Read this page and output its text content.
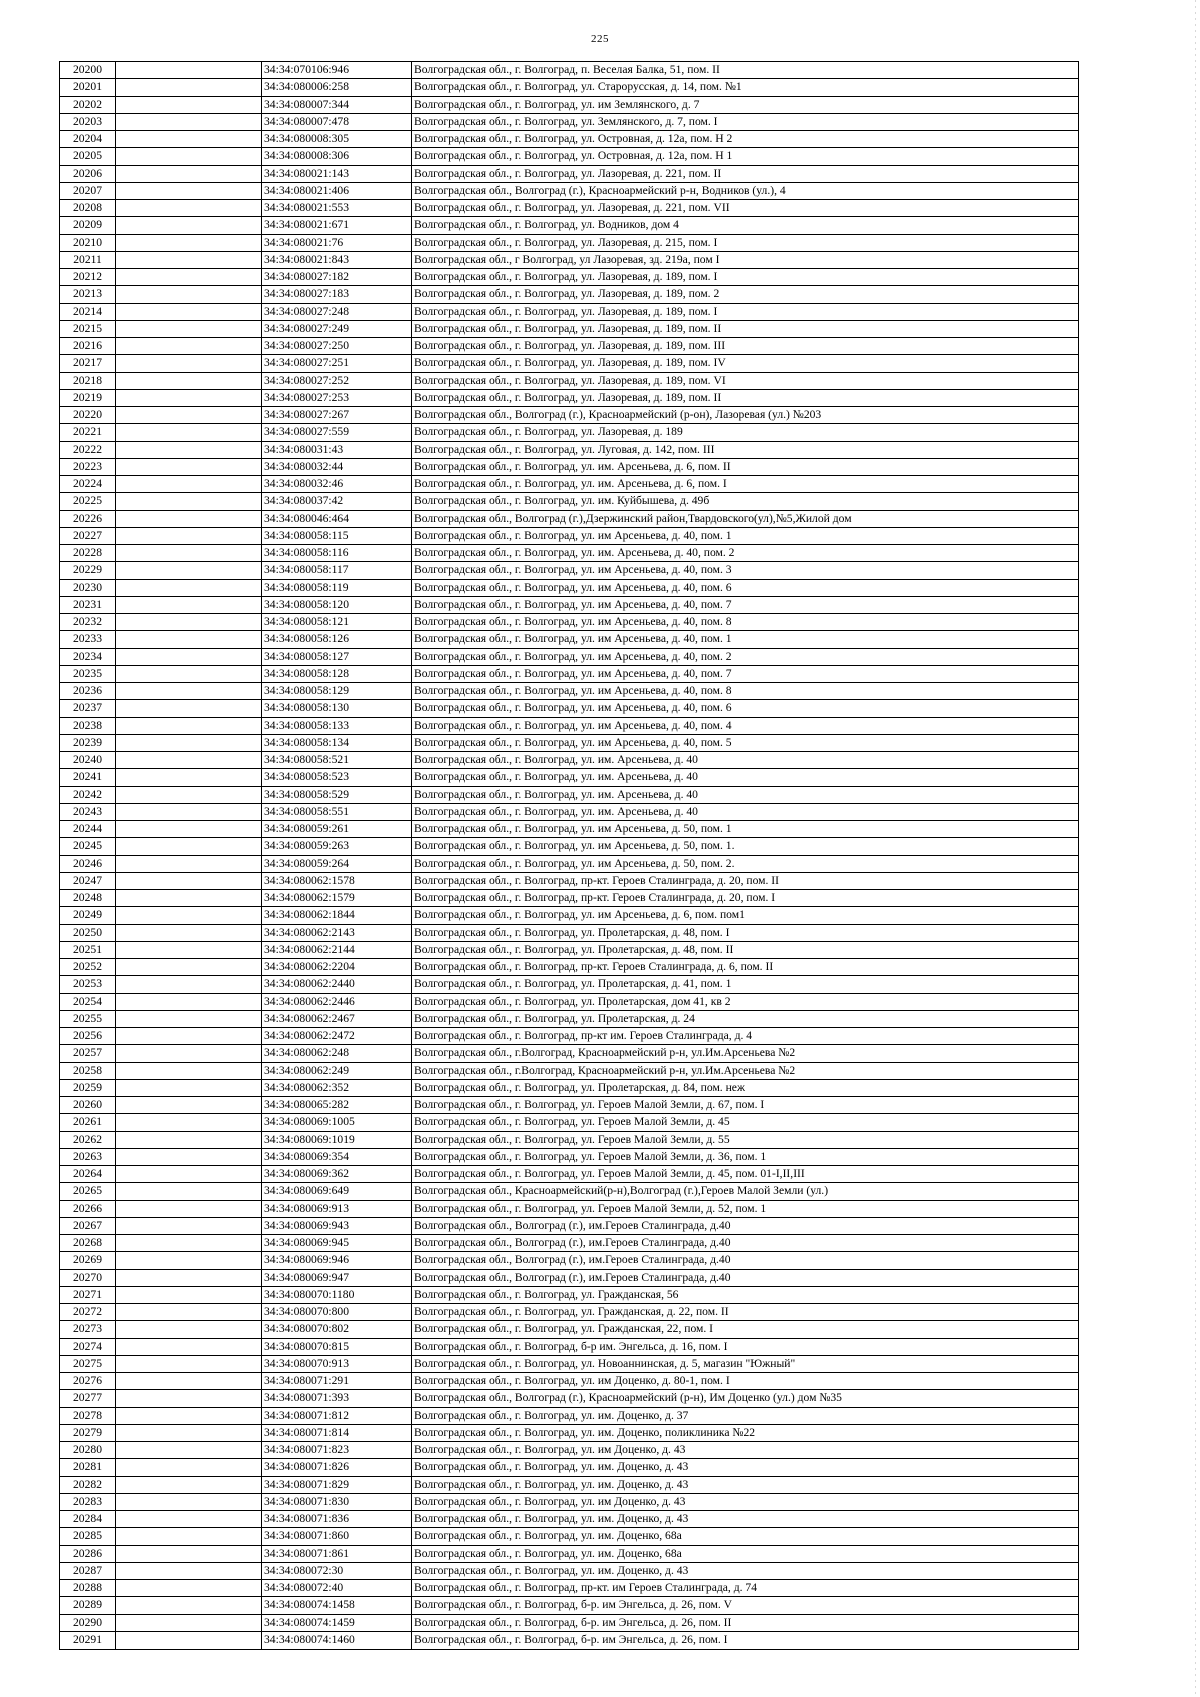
225
20200	34:34:070106:946	Волгоградская обл., г. Волгоград, п. Веселая Балка, 51, пом. II
20201	34:34:080006:258	Волгоградская обл., г. Волгоград, ул. Старорусская, д. 14, пом. №1
20202	34:34:080007:344	Волгоградская обл., г. Волгоград, ул. им Землянского, д. 7
20203	34:34:080007:478	Волгоградская обл., г. Волгоград, ул. Землянского, д. 7, пом. I
20204	34:34:080008:305	Волгоградская обл., г. Волгоград, ул. Островная, д. 12а, пом. Н 2
20205	34:34:080008:306	Волгоградская обл., г. Волгоград, ул. Островная, д. 12а, пом. Н 1
20206	34:34:080021:143	Волгоградская обл., г. Волгоград, ул. Лазоревая, д. 221, пом. II
20207	34:34:080021:406	Волгоградская обл., Волгоград (г.), Красноармейский р-н, Водников (ул.), 4
20208	34:34:080021:553	Волгоградская обл., г. Волгоград, ул. Лазоревая, д. 221, пом. VII
20209	34:34:080021:671	Волгоградская обл., г. Волгоград, ул. Водников, дом 4
20210	34:34:080021:76	Волгоградская обл., г. Волгоград, ул. Лазоревая, д. 215, пом. I
20211	34:34:080021:843	Волгоградская обл., г Волгоград, ул Лазоревая, зд. 219а, пом I
20212	34:34:080027:182	Волгоградская обл., г. Волгоград, ул. Лазоревая, д. 189, пом. I
20213	34:34:080027:183	Волгоградская обл., г. Волгоград, ул. Лазоревая, д. 189, пом. 2
20214	34:34:080027:248	Волгоградская обл., г. Волгоград, ул. Лазоревая, д. 189, пом. I
20215	34:34:080027:249	Волгоградская обл., г. Волгоград, ул. Лазоревая, д. 189, пом. II
20216	34:34:080027:250	Волгоградская обл., г. Волгоград, ул. Лазоревая, д. 189, пом. III
20217	34:34:080027:251	Волгоградская обл., г. Волгоград, ул. Лазоревая, д. 189, пом. IV
20218	34:34:080027:252	Волгоградская обл., г. Волгоград, ул. Лазоревая, д. 189, пом. VI
20219	34:34:080027:253	Волгоградская обл., г. Волгоград, ул. Лазоревая, д. 189, пом. II
20220	34:34:080027:267	Волгоградская обл., Волгоград (г.), Красноармейский (р-он), Лазоревая (ул.) №203
20221	34:34:080027:559	Волгоградская обл., г. Волгоград, ул. Лазоревая, д. 189
20222	34:34:080031:43	Волгоградская обл., г. Волгоград, ул. Луговая, д. 142, пом. III
20223	34:34:080032:44	Волгоградская обл., г. Волгоград, ул. им. Арсеньева, д. 6, пом. II
20224	34:34:080032:46	Волгоградская обл., г. Волгоград, ул. им. Арсеньева, д. 6, пом. I
20225	34:34:080037:42	Волгоградская обл., г. Волгоград, ул. им. Куйбышева, д. 49б
20226	34:34:080046:464	Волгоградская обл., Волгоград (г.),Дзержинский район,Твардовского(ул),№5,Жилой дом
20227	34:34:080058:115	Волгоградская обл., г. Волгоград, ул. им Арсеньева, д. 40, пом. 1
20228	34:34:080058:116	Волгоградская обл., г. Волгоград, ул. им. Арсеньева, д. 40, пом. 2
20229	34:34:080058:117	Волгоградская обл., г. Волгоград, ул. им Арсеньева, д. 40, пом. 3
20230	34:34:080058:119	Волгоградская обл., г. Волгоград, ул. им Арсеньева, д. 40, пом. 6
20231	34:34:080058:120	Волгоградская обл., г. Волгоград, ул. им Арсеньева, д. 40, пом. 7
20232	34:34:080058:121	Волгоградская обл., г. Волгоград, ул. им Арсеньева, д. 40, пом. 8
20233	34:34:080058:126	Волгоградская обл., г. Волгоград, ул. им Арсеньева, д. 40, пом. 1
20234	34:34:080058:127	Волгоградская обл., г. Волгоград, ул. им Арсеньева, д. 40, пом. 2
20235	34:34:080058:128	Волгоградская обл., г. Волгоград, ул. им Арсеньева, д. 40, пом. 7
20236	34:34:080058:129	Волгоградская обл., г. Волгоград, ул. им Арсеньева, д. 40, пом. 8
20237	34:34:080058:130	Волгоградская обл., г. Волгоград, ул. им Арсеньева, д. 40, пом. 6
20238	34:34:080058:133	Волгоградская обл., г. Волгоград, ул. им Арсеньева, д. 40, пом. 4
20239	34:34:080058:134	Волгоградская обл., г. Волгоград, ул. им Арсеньева, д. 40, пом. 5
20240	34:34:080058:521	Волгоградская обл., г. Волгоград, ул. им. Арсеньева, д. 40
20241	34:34:080058:523	Волгоградская обл., г. Волгоград, ул. им. Арсеньева, д. 40
20242	34:34:080058:529	Волгоградская обл., г. Волгоград, ул. им. Арсеньева, д. 40
20243	34:34:080058:551	Волгоградская обл., г. Волгоград, ул. им. Арсеньева, д. 40
20244	34:34:080059:261	Волгоградская обл., г. Волгоград, ул. им Арсеньева, д. 50, пом. 1
20245	34:34:080059:263	Волгоградская обл., г. Волгоград, ул. им Арсеньева, д. 50, пом. 1.
20246	34:34:080059:264	Волгоградская обл., г. Волгоград, ул. им Арсеньева, д. 50, пом. 2.
20247	34:34:080062:1578	Волгоградская обл., г. Волгоград, пр-кт. Героев Сталинграда, д. 20, пом. II
20248	34:34:080062:1579	Волгоградская обл., г. Волгоград, пр-кт. Героев Сталинграда, д. 20, пом. I
20249	34:34:080062:1844	Волгоградская обл., г. Волгоград, ул. им Арсеньева, д. 6, пом. пом1
20250	34:34:080062:2143	Волгоградская обл., г. Волгоград, ул. Пролетарская, д. 48, пом. I
20251	34:34:080062:2144	Волгоградская обл., г. Волгоград, ул. Пролетарская, д. 48, пом. II
20252	34:34:080062:2204	Волгоградская обл., г. Волгоград, пр-кт. Героев Сталинграда, д. 6, пом. II
20253	34:34:080062:2440	Волгоградская обл., г. Волгоград, ул. Пролетарская, д. 41, пом. 1
20254	34:34:080062:2446	Волгоградская обл., г. Волгоград, ул. Пролетарская, дом 41, кв 2
20255	34:34:080062:2467	Волгоградская обл., г. Волгоград, ул. Пролетарская, д. 24
20256	34:34:080062:2472	Волгоградская обл., г. Волгоград, пр-кт им. Героев Сталинграда, д. 4
20257	34:34:080062:248	Волгоградская обл., г.Волгоград, Красноармейский р-н, ул.Им.Арсеньева №2
20258	34:34:080062:249	Волгоградская обл., г.Волгоград, Красноармейский р-н, ул.Им.Арсеньева №2
20259	34:34:080062:352	Волгоградская обл., г. Волгоград, ул. Пролетарская, д. 84, пом. неж
20260	34:34:080065:282	Волгоградская обл., г. Волгоград, ул. Героев Малой Земли, д. 67, пом. I
20261	34:34:080069:1005	Волгоградская обл., г. Волгоград, ул. Героев Малой Земли, д. 45
20262	34:34:080069:1019	Волгоградская обл., г. Волгоград, ул. Героев Малой Земли, д. 55
20263	34:34:080069:354	Волгоградская обл., г. Волгоград, ул. Героев Малой Земли, д. 36, пом. 1
20264	34:34:080069:362	Волгоградская обл., г. Волгоград, ул. Героев Малой Земли, д. 45, пом. 01-I,II,III
20265	34:34:080069:649	Волгоградская обл., Красноармейский(р-н),Волгоград (г.),Героев Малой Земли (ул.)
20266	34:34:080069:913	Волгоградская обл., г. Волгоград, ул. Героев Малой Земли, д. 52, пом. 1
20267	34:34:080069:943	Волгоградская обл., Волгоград (г.), им.Героев Сталинграда, д.40
20268	34:34:080069:945	Волгоградская обл., Волгоград (г.), им.Героев Сталинграда, д.40
20269	34:34:080069:946	Волгоградская обл., Волгоград (г.), им.Героев Сталинграда, д.40
20270	34:34:080069:947	Волгоградская обл., Волгоград (г.), им.Героев Сталинграда, д.40
20271	34:34:080070:1180	Волгоградская обл., г. Волгоград, ул. Гражданская, 56
20272	34:34:080070:800	Волгоградская обл., г. Волгоград, ул. Гражданская, д. 22, пом. II
20273	34:34:080070:802	Волгоградская обл., г. Волгоград, ул. Гражданская, 22, пом. I
20274	34:34:080070:815	Волгоградская обл., г. Волгоград, б-р им. Энгельса, д. 16, пом. I
20275	34:34:080070:913	Волгоградская обл., г. Волгоград, ул. Новоаннинская, д. 5, магазин "Южный"
20276	34:34:080071:291	Волгоградская обл., г. Волгоград, ул. им Доценко, д. 80-1, пом. I
20277	34:34:080071:393	Волгоградская обл., Волгоград (г.), Красноармейский (р-н), Им Доценко (ул.) дом №35
20278	34:34:080071:812	Волгоградская обл., г. Волгоград, ул. им. Доценко, д. 37
20279	34:34:080071:814	Волгоградская обл., г. Волгоград, ул. им. Доценко, поликлиника №22
20280	34:34:080071:823	Волгоградская обл., г. Волгоград, ул. им Доценко, д. 43
20281	34:34:080071:826	Волгоградская обл., г. Волгоград, ул. им. Доценко, д. 43
20282	34:34:080071:829	Волгоградская обл., г. Волгоград, ул. им. Доценко, д. 43
20283	34:34:080071:830	Волгоградская обл., г. Волгоград, ул. им Доценко, д. 43
20284	34:34:080071:836	Волгоградская обл., г. Волгоград, ул. им. Доценко, д. 43
20285	34:34:080071:860	Волгоградская обл., г. Волгоград, ул. им. Доценко, 68а
20286	34:34:080071:861	Волгоградская обл., г. Волгоград, ул. им. Доценко, 68а
20287	34:34:080072:30	Волгоградская обл., г. Волгоград, ул. им. Доценко, д. 43
20288	34:34:080072:40	Волгоградская обл., г. Волгоград, пр-кт. им Героев Сталинграда, д. 74
20289	34:34:080074:1458	Волгоградская обл., г. Волгоград, б-р. им Энгельса, д. 26, пом. V
20290	34:34:080074:1459	Волгоградская обл., г. Волгоград, б-р. им Энгельса, д. 26, пом. II
20291	34:34:080074:1460	Волгоградская обл., г. Волгоград, б-р. им Энгельса, д. 26, пом. I
